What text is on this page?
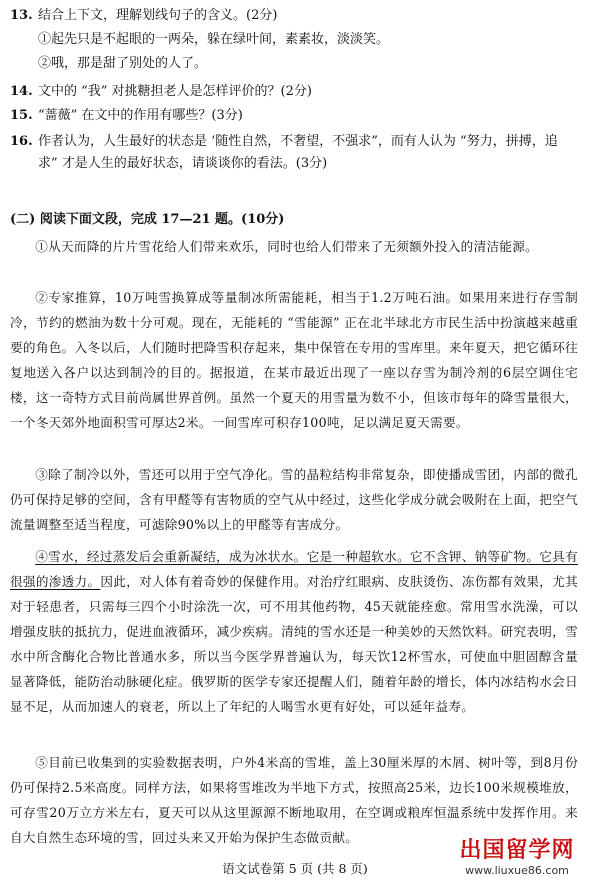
13. 结合上下文，理解划线句子的含义。(2分)
①起先只是不起眼的一两朵，躲在绿叶间，素素妆，淡淡笑。
②哦，那是甜了别处的人了。
14. 文中的 “我” 对挑糖担老人是怎样评价的？(2分)
15. “蔷薇” 在文中的作用有哪些？(3分)
16. 作者认为，人生最好的状态是 ‘随性自然，不奢望，不强求”，而有人认为 “努力，拼搏，追求” 才是人生的最好状态，请谈谈你的看法。(3分)
(二) 阅读下面文段，完成 17—21 题。(10分)
①从天而降的片片雪花给人们带来欢乐，同时也给人们带来了无须额外投入的清洁能源。
②专家推算，10万吨雪换算成等量制冰所需能耗，相当于1.2万吨石油。如果用来进行存雪制冷，节约的燃油为数十分可观。现在，无能耗的 “雪能源” 正在北半球北方市民生活中扮演越来越重要的角色。入冬以后，人们随时把降雪积存起来，集中保管在专用的雪库里。来年夏天，把它循环往复地送入各户以达到制冷的目的。据报道，在某市最近出现了一座以存雪为制冷剂的6层空调住宅楼，这一奇特方式目前尚属世界首例。虽然一个夏天的用雪量为数不小，但该市每年的降雪量很大，一个冬天郊外地面积雪可厚达2米。一间雪库可积存100吨，足以满足夏天需要。
③除了制冷以外，雪还可以用于空气净化。雪的晶粒结构非常复杂，即使播成雪团，内部的微孔仍可保持足够的空间，含有甲醛等有害物质的空气从中经过，这些化学成分就会吸附在上面，把空气流量调整至适当程度，可滤除90%以上的甲醛等有害成分。
④雪水，经过蒸发后会重新凝结，成为冰状水。它是一种超软水。它不含钾、钠等矿物。它具有很强的渗透力。因此，对人体有着奇妙的保健作用。对治疗红眼病、皮肤烫伤、冻伤都有效果，尤其对于轻患者，只需每三四个小时涂洗一次，可不用其他药物，45天就能痊愈。常用雪水洗澡，可以增强皮肤的抵抗力，促进血液循环，减少疾病。清纯的雪水还是一种美妙的天然饮料。研究表明，雪水中所含酶化合物比普通水多，所以当今医学界普遍认为，每天饮12杯雪水，可使血中胆固醇含量显著降低，能防治动脉硬化症。俄罗斯的医学专家还提醒人们，随着年龄的增长，体内冰结构水会日显不足，从而加速人的衰老，所以上了年纪的人喝雪水更有好处，可以延年益寿。
⑤目前已收集到的实验数据表明，户外4米高的雪堆，盖上30厘米厚的木屑、树叶等，到8月份仍可保持2.5米高度。同样方法，如果将雪堆改为半地下方式，按照高25米，边长100米规模堆放，可存雪20万立方米左右，夏天可以从这里源源不断地取用，在空调或粮库恒温系统中发挥作用。来自大自然生态环境的雪，回过头来又开始为保护生态做贡献。
语文试卷第 5 页 (共 8 页)
出国留学网
www.liuxue86.com
